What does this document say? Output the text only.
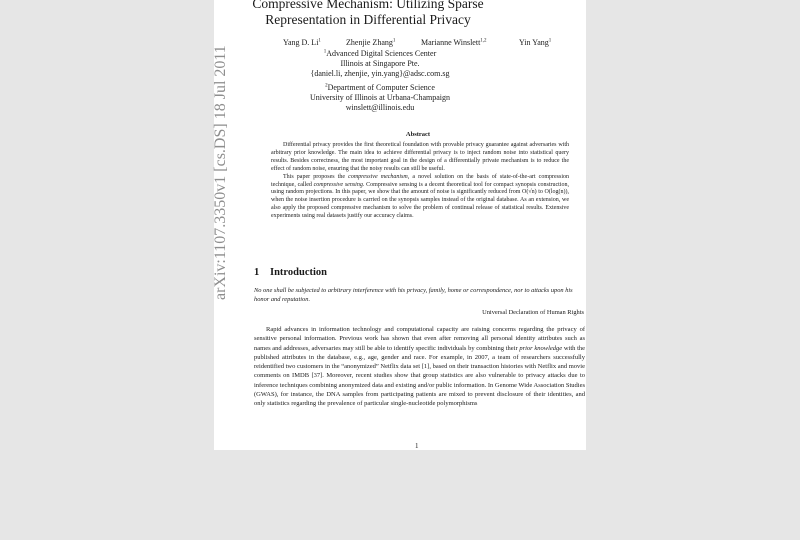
arXiv:1107.3350v1 [cs.DS] 18 Jul 2011
Compressive Mechanism: Utilizing Sparse Representation in Differential Privacy
Yang D. Li$^1$	Zhenjie Zhang$^1$	Marianne Winslett$^{1,2}$	Yin Yang$^1$
$^1$Advanced Digital Sciences Center
Illinois at Singapore Pte.
{daniel.li, zhenjie, yin.yang}@adsc.com.sg
$^2$Department of Computer Science
University of Illinois at Urbana-Champaign
winslett@illinois.edu
Abstract

Differential privacy provides the first theoretical foundation with provable privacy guarantee against adversaries with arbitrary prior knowledge. The main idea to achieve differential privacy is to inject random noise into statistical query results. Besides correctness, the most important goal in the design of a differentially private mechanism is to reduce the effect of random noise, ensuring that the noisy results can still be useful.

This paper proposes the compressive mechanism, a novel solution on the basis of state-of-the-art compression technique, called compressive sensing. Compressive sensing is a decent theoretical tool for compact synopsis construction, using random projections. In this paper, we show that the amount of noise is significantly reduced from O(√n) to O(log(n)), when the noise insertion procedure is carried on the synopsis samples instead of the original database. As an extension, we also apply the proposed compressive mechanism to solve the problem of continual release of statistical results. Extensive experiments using real datasets justify our accuracy claims.

1 Introduction
No one shall be subjected to arbitrary interference with his privacy, family, home or correspondence, nor to attacks upon his honor and reputation.
Universal Declaration of Human Rights

Rapid advances in information technology and computational capacity are raising concerns regarding the privacy of sensitive personal information. Previous work has shown that even after removing all personal identity attributes such as names and addresses, adversaries may still be able to identify specific individuals by combining their prior knowledge with the published attributes in the database, e.g., age, gender and race. For example, in 2007, a team of researchers successfully reidentified two customers in the “anonymized” Netflix data set [1], based on their transaction histories with Netflix and movie comments on IMDB [37]. Moreover, recent studies show that group statistics are also vulnerable to privacy attacks due to inference techniques combining anonymized data and existing and/or public information. In Genome Wide Association Studies (GWAS), for instance, the DNA samples from participating patients are mixed to prevent disclosure of their identities, and only statistics regarding the prevalence of particular single-nucleotide polymorphisms

1
